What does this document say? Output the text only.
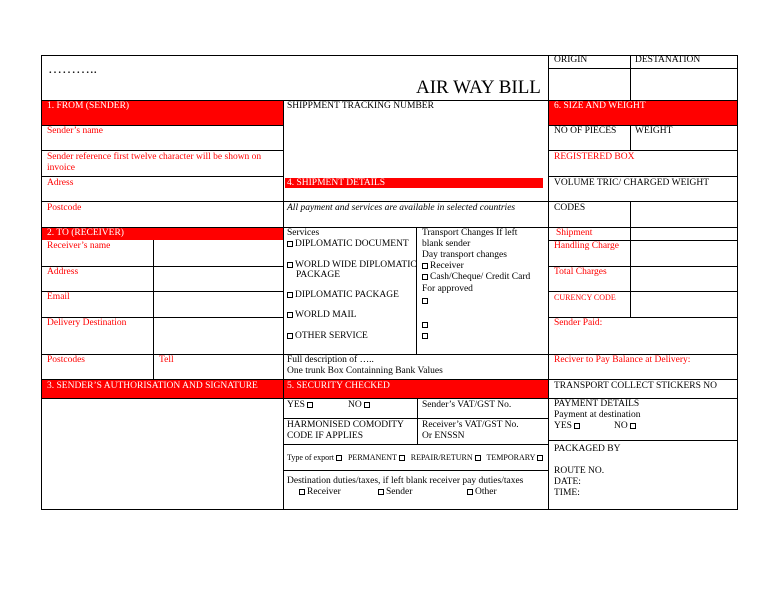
………..
AIR WAY BILL
ORIGIN	DESTANATION
1. FROM (SENDER)
Sender’s name
Sender reference first twelve character will be shown on invoice
Adress
Postcode
2. TO (RECEIVER)
Receiver’s name
Address
Email
Delivery Destination
Postcodes	Tell
3. SENDER’S AUTHORISATION AND SIGNATURE
SHIPPMENT TRACKING NUMBER
4. SHIPMENT DETAILS
All payment and services are available in selected countries
Services
DIPLOMATIC DOCUMENT
WORLD WIDE DIPLOMATIC
PACKAGE
DIPLOMATIC PACKAGE
WORLD MAIL
OTHER SERVICE
Transport Changes If left
blank sender
Day transport changes
Receiver
Cash/Cheque/ Credit Card
For approved
Full description of …..
One trunk Box Containning Bank Values
5. SECURITY CHECKED
YES	NO	Sender’s VAT/GST No.
HARMONISED COMODITY
CODE IF APPLIES
Receiver’s VAT/GST No.
Or ENSSN
Type of export PERMANENT REPAIR/RETURN TEMPORARY
Destination duties/taxes, if left blank receiver pay duties/taxes
Receiver	Sender	Other
6. SIZE AND WEIGHT
NO OF PIECES WEIGHT
REGISTERED BOX
VOLUME TRIC/ CHARGED WEIGHT
CODES
Shipment
Handling Charge
Total Charges
CURENCY CODE
Sender Paid:
Reciver to Pay Balance at Delivery:
TRANSPORT COLLECT STICKERS NO
PAYMENT DETAILS
Payment at destination
YES	NO
PACKAGED BY
ROUTE NO.
DATE:
TIME:
